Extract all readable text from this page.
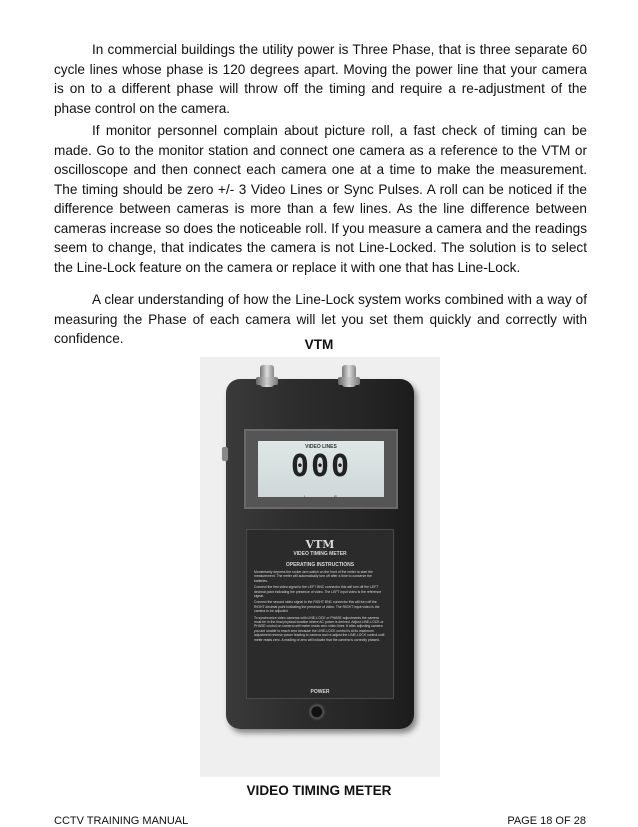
In commercial buildings the utility power is Three Phase, that is three separate 60 cycle lines whose phase is 120 degrees apart. Moving the power line that your camera is on to a different phase will throw off the timing and require a re-adjustment of the phase control on the camera.

If monitor personnel complain about picture roll, a fast check of timing can be made. Go to the monitor station and connect one camera as a reference to the VTM or oscilloscope and then connect each camera one at a time to make the measurement. The timing should be zero +/- 3 Video Lines or Sync Pulses. A roll can be noticed if the difference between cameras is more than a few lines. As the line difference between cameras increase so does the noticeable roll. If you measure a camera and the readings seem to change, that indicates the camera is not Line-Locked. The solution is to select the Line-Lock feature on the camera or replace it with one that has Line-Lock.

A clear understanding of how the Line-Lock system works combined with a way of measuring the Phase of each camera will let you set them quickly and correctly with confidence.	VTM
VIDEO LINES
000
L	R
VTM
VIDEO TIMING METER
OPERATING INSTRUCTIONS
Momentarily depress the rocker-arm switch on the front of the meter to start the measurement. The meter will automatically turn off after a time to conserve the batteries.
Connect the first video signal to the LEFT BNC connector this will turn off the LEFT decimal point indicating the presence of video. The LEFT input video is the reference signal.
Connect the second video signal to the RIGHT BNC connector this will turn off the RIGHT decimal point indicating the presence of video. The RIGHT input video is the camera to be adjusted.
To synchronize video cameras with LINE-LOCK or PHASE adjustments the camera must be in the final physical location where AC power is derived. Adjust LINE-LOCK or PHASE control on camera until meter reads zero video lines. If after adjusting camera you are unable to reach zero because the LINE-LOCK control is at its maximum adjustment reverse power leading to camera and re-adjust the LINE-LOCK control until meter reads zero. A reading of zero will indicate that the camera is correctly phased.
POWER
VIDEO TIMING METER
CCTV TRAINING MANUAL	PAGE 18 OF 28
